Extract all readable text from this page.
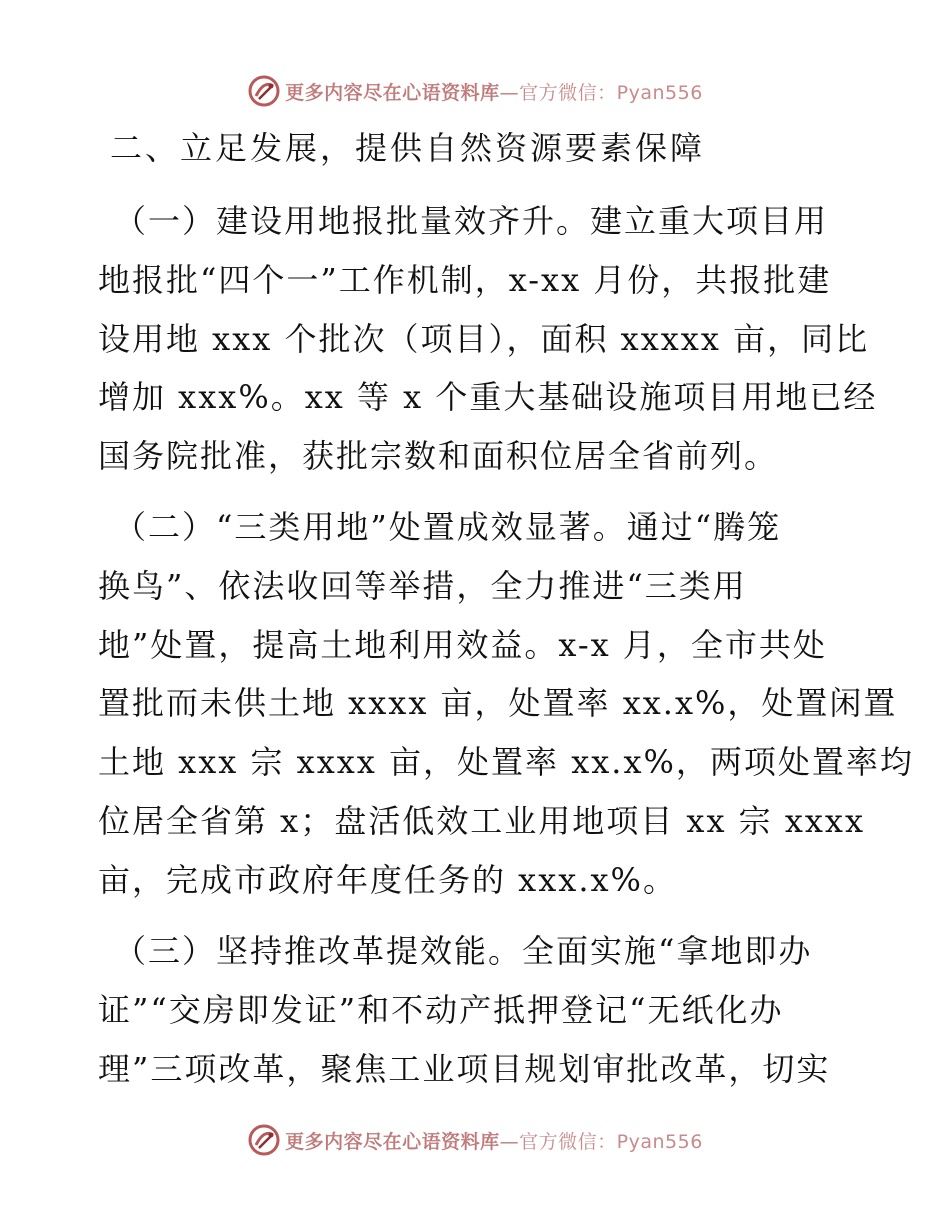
更多内容尽在心语资料库—官方微信：Pyan556
二、立足发展，提供自然资源要素保障
（一）建设用地报批量效齐升。建立重大项目用
地报批“四个一”工作机制，x-xx 月份，共报批建
设用地 xxx 个批次（项目），面积 xxxxx 亩，同比
增加 xxx%。xx 等 x 个重大基础设施项目用地已经
国务院批准，获批宗数和面积位居全省前列。
（二）“三类用地”处置成效显著。通过“腾笼
换鸟”、依法收回等举措，全力推进“三类用
地”处置，提高土地利用效益。x-x 月，全市共处
置批而未供土地 xxxx 亩，处置率 xx.x%，处置闲置
土地 xxx 宗 xxxx 亩，处置率 xx.x%，两项处置率均
位居全省第 x；盘活低效工业用地项目 xx 宗 xxxx
亩，完成市政府年度任务的 xxx.x%。
（三）坚持推改革提效能。全面实施“拿地即办
证”“交房即发证”和不动产抵押登记“无纸化办
理”三项改革，聚焦工业项目规划审批改革，切实
更多内容尽在心语资料库—官方微信：Pyan556
